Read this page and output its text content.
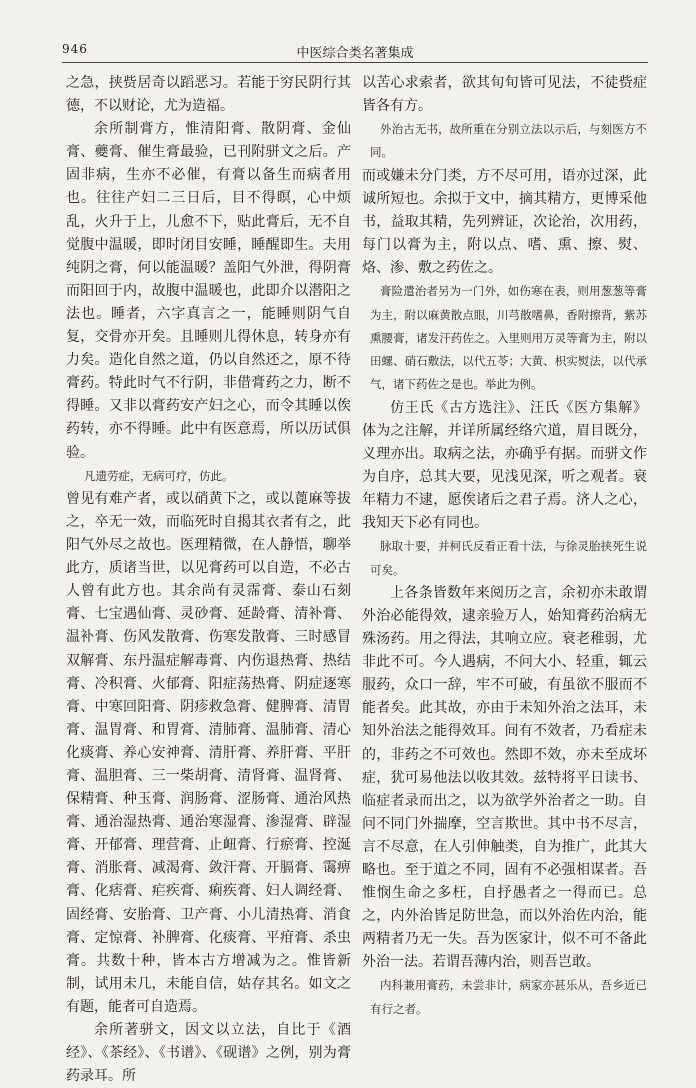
946	中医综合类名著集成

之急，挟赀居奇以蹈恶习。若能于穷民阴行其德，不以财论，尤为造福。

余所制膏方，惟清阳膏、散阴膏、金仙膏、夔膏、催生膏最验，已刊附骈文之后。产固非病，生亦不必催，有膏以备生而病者用也。往往产妇二三日后，目不得瞑，心中烦乱，火升于上，儿愈不下，贴此膏后，无不自觉腹中温暖，即时闭目安睡，睡醒即生。夫用纯阴之膏，何以能温暖？盖阳气外泄，得阴膏而阳回于内，故腹中温暖也，此即介以潜阳之法也。睡者，六字真言之一，能睡则阴气自复，交骨亦开矣。且睡则儿得休息，转身亦有力矣。造化自然之道，仍以自然还之，原不待膏药。特此时气不行阴，非借膏药之力，断不得睡。又非以膏药安产妇之心，而令其睡以俟药转，亦不得睡。此中有医意焉，所以历试俱验。

凡遗劳症，无病可疗，仿此。

曾见有难产者，或以硝黄下之，或以蓖麻等拔之，卒无一效，而临死时自揭其衣者有之，此阳气外尽之故也。医理精微，在人静悟，聊举此方，质诸当世，以见膏药可以自造，不必古人曾有此方也。其余尚有灵霈膏、泰山石刻膏、七宝遇仙膏、灵砂膏、延龄膏、清补膏、温补膏、伤风发散膏、伤寒发散膏、三时感冒双解膏、东丹温症解毒膏、内伤退热膏、热结膏、冷积膏、火郁膏、阳症荡热膏、阴症逐寒膏、中寒回阳膏、阴疹救急膏、健脾膏、清胃膏、温胃膏、和胃膏、清肺膏、温肺膏、清心化痰膏、养心安神膏、清肝膏、养肝膏、平肝膏、温胆膏、三一柴胡膏、清肾膏、温肾膏、保精膏、种玉膏、润肠膏、涩肠膏、通治风热膏、通治湿热膏、通治寒湿膏、渗湿膏、辟湿膏、开郁膏、理营膏、止衄膏、行瘀膏、控涎膏、消胀膏、减渴膏、敛汗膏、开膈膏、霭痹膏、化痞膏、疟疾膏、痢疾膏、妇人调经膏、固经膏、安胎膏、卫产膏、小儿清热膏、消食膏、定惊膏、补脾膏、化痰膏、平疳膏、杀虫膏。共数十种，皆本古方增减为之。惟皆新制，试用未几，未能自信，姑存其名。如文之有题，能者可自造焉。

余所著骈文，因文以立法，自比于《酒经》、《茶经》、《书谱》、《砚谱》之例，别为膏药录耳。所

以苦心求索者，欲其旬旬皆可见法，不徒赀症皆各有方。

外治古无书，故所重在分别立法以示后，与刻医方不同。

而或嫌未分门类，方不尽可用，语亦过深，此诚所短也。余拟于文中，摘其精方，更博采他书，益取其精，先列辨证，次论治，次用药，每门以膏为主，附以点、嗜、熏、擦、熨、烙、渗、敷之药佐之。

膏险遣治者另为一门外，如伤寒在表，则用葱葱等膏为主，附以麻黄散点眼，川芎散嗜鼻，香附擦背，紫苏熏腰膏，诸发汗药佐之。入里则用万灵等膏为主，附以田螺、硝石敷法，以代五苓；大黄、枳实熨法，以代承气，诸下药佐之是也。举此为例。

仿王氏《古方选注》、汪氏《医方集解》体为之注解，并详所属经络穴道，眉目既分，义理亦出。取病之法，亦确乎有据。而骈文作为自序，总其大要，见浅见深，听之观者。衰年精力不逮，愿俟诸后之君子焉。济人之心，我知天下必有同也。

脉取十要，并柯氏反看正看十法，与徐灵胎挟死生说可矣。

上各条皆数年来阅历之言，余初亦未敢谓外治必能得效，逮亲验万人，始知膏药治病无殊汤药。用之得法，其响立应。衰老稚弱，尤非此不可。今人遇病，不问大小、轻重，辄云服药，众口一辞，牢不可破，有虽欲不服而不能者矣。此其故，亦由于未知外治之法耳，未知外治法之能得效耳。间有不效者，乃看症未的，非药之不可效也。然即不效，亦未至成坏症，犹可易他法以收其效。兹特将平日读书、临症者录而出之，以为欲学外治者之一助。自问不同门外揣摩，空言欺世。其中书不尽言，言不尽意，在人引伸触类，自为推广，此其大略也。至于道之不同，固有不必强相谋者。吾惟悯生命之多枉，自抒愚者之一得而已。总之，内外治皆足防世急，而以外治佐内治，能两精者乃无一失。吾为医家计，似不可不备此外治一法。若谓吾薄内治，则吾岂敢。

内科兼用膏药，未尝非计，病家亦甚乐从，吾乡近已有行之者。
